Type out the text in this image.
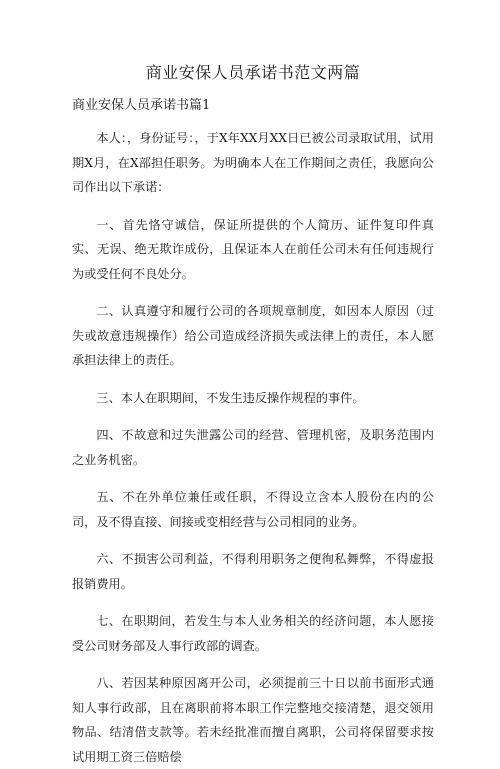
商业安保人员承诺书范文两篇
商业安保人员承诺书篇1

本人：，身份证号：，于X年XX月XX日已被公司录取试用，试用期X月，在X部担任职务。为明确本人在工作期间之责任，我愿向公司作出以下承诺：

一、首先恪守诚信，保证所提供的个人简历、证件复印件真实、无误、绝无欺诈成份，且保证本人在前任公司未有任何违规行为或受任何不良处分。

二、认真遵守和履行公司的各项规章制度，如因本人原因（过失或故意违规操作）给公司造成经济损失或法律上的责任，本人愿承担法律上的责任。

三、本人在职期间，不发生违反操作规程的事件。

四、不故意和过失泄露公司的经营、管理机密，及职务范围内之业务机密。

五、不在外单位兼任或任职，不得设立含本人股份在内的公司，及不得直接、间接或变相经营与公司相同的业务。

六、不损害公司利益，不得利用职务之便徇私舞弊，不得虚报报销费用。

七、在职期间，若发生与本人业务相关的经济问题，本人愿接受公司财务部及人事行政部的调查。

八、若因某种原因离开公司，必须提前三十日以前书面形式通知人事行政部，且在离职前将本职工作完整地交接清楚，退交领用物品、结清借支款等。若未经批准而擅自离职，公司将保留要求按试用期工资三倍赔偿
